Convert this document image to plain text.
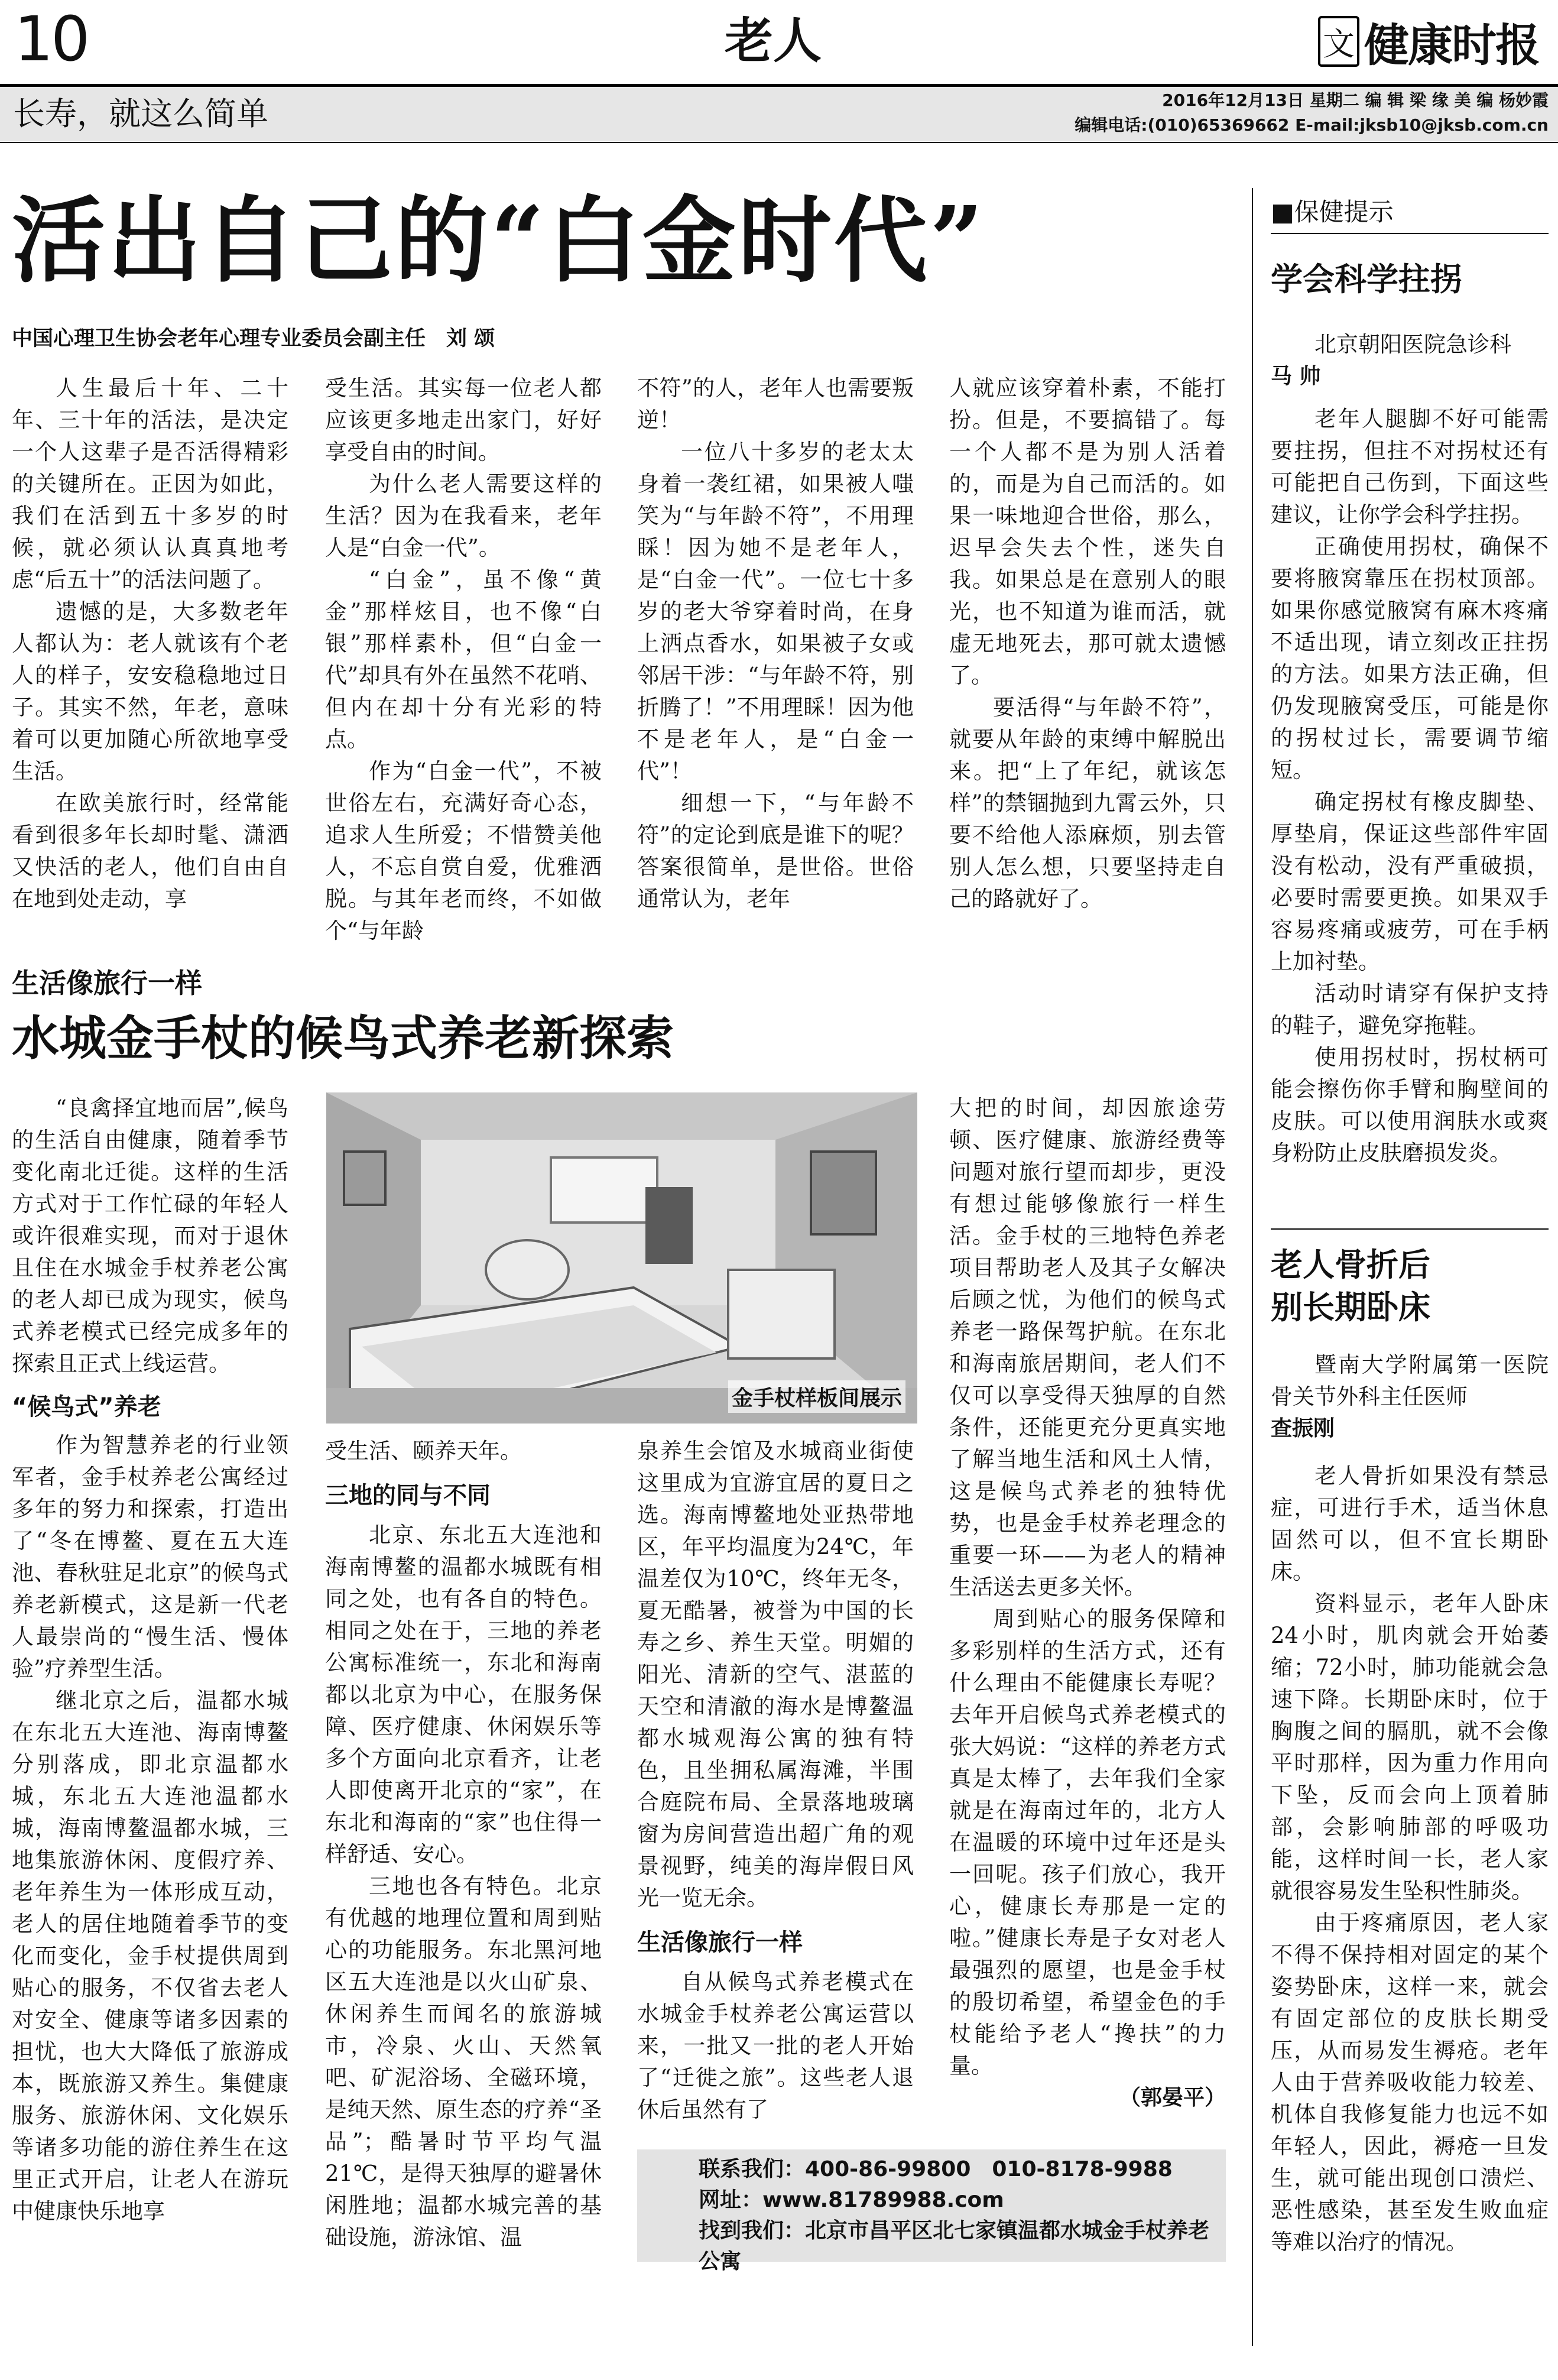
10	老人	文 健康时报
长寿，就这么简单	2016年12月13日 星期二 编 辑 梁 缘 美 编 杨妙霞
编辑电话:(010)65369662 E-mail:jksb10@jksb.com.cn
活出自己的“白金时代”
中国心理卫生协会老年心理专业委员会副主任　刘 颂

人生最后十年、二十年、三十年的活法，是决定一个人这辈子是否活得精彩的关键所在。正因为如此，我们在活到五十多岁的时候，就必须认认真真地考虑“后五十”的活法问题了。

遗憾的是，大多数老年人都认为：老人就该有个老人的样子，安安稳稳地过日子。其实不然，年老，意味着可以更加随心所欲地享受生活。

在欧美旅行时，经常能看到很多年长却时髦、潇洒又快活的老人，他们自由自在地到处走动，享

受生活。其实每一位老人都应该更多地走出家门，好好享受自由的时间。

为什么老人需要这样的生活？因为在我看来，老年人是“白金一代”。

“白金”，虽不像“黄金”那样炫目，也不像“白银”那样素朴，但“白金一代”却具有外在虽然不花哨、但内在却十分有光彩的特点。

作为“白金一代”，不被世俗左右，充满好奇心态，追求人生所爱；不惜赞美他人，不忘自赏自爱，优雅洒脱。与其年老而终，不如做个“与年龄

不符”的人，老年人也需要叛逆！

一位八十多岁的老太太身着一袭红裙，如果被人嗤笑为“与年龄不符”，不用理睬！因为她不是老年人，是“白金一代”。一位七十多岁的老大爷穿着时尚，在身上洒点香水，如果被子女或邻居干涉：“与年龄不符，别折腾了！”不用理睬！因为他不是老年人，是“白金一代”！

细想一下，“与年龄不符”的定论到底是谁下的呢？答案很简单，是世俗。世俗通常认为，老年

人就应该穿着朴素，不能打扮。但是，不要搞错了。每一个人都不是为别人活着的，而是为自己而活的。如果一味地迎合世俗，那么，迟早会失去个性，迷失自我。如果总是在意别人的眼光，也不知道为谁而活，就虚无地死去，那可就太遗憾了。

要活得“与年龄不符”，就要从年龄的束缚中解脱出来。把“上了年纪，就该怎样”的禁锢抛到九霄云外，只要不给他人添麻烦，别去管别人怎么想，只要坚持走自己的路就好了。

生活像旅行一样
水城金手杖的候鸟式养老新探索
金手杖样板间展示

“良禽择宜地而居”,候鸟的生活自由健康，随着季节变化南北迁徙。这样的生活方式对于工作忙碌的年轻人或许很难实现，而对于退休且住在水城金手杖养老公寓的老人却已成为现实，候鸟式养老模式已经完成多年的探索且正式上线运营。

“候鸟式”养老

作为智慧养老的行业领军者，金手杖养老公寓经过多年的努力和探索，打造出了“冬在博鳌、夏在五大连池、春秋驻足北京”的候鸟式养老新模式，这是新一代老人最崇尚的“慢生活、慢体验”疗养型生活。

继北京之后，温都水城在东北五大连池、海南博鳌分别落成，即北京温都水城，东北五大连池温都水城，海南博鳌温都水城，三地集旅游休闲、度假疗养、老年养生为一体形成互动，老人的居住地随着季节的变化而变化，金手杖提供周到贴心的服务，不仅省去老人对安全、健康等诸多因素的担忧，也大大降低了旅游成本，既旅游又养生。集健康服务、旅游休闲、文化娱乐等诸多功能的游住养生在这里正式开启，让老人在游玩中健康快乐地享

受生活、颐养天年。

三地的同与不同

北京、东北五大连池和海南博鳌的温都水城既有相同之处，也有各自的特色。相同之处在于，三地的养老公寓标准统一，东北和海南都以北京为中心，在服务保障、医疗健康、休闲娱乐等多个方面向北京看齐，让老人即使离开北京的“家”，在东北和海南的“家”也住得一样舒适、安心。

三地也各有特色。北京有优越的地理位置和周到贴心的功能服务。东北黑河地区五大连池是以火山矿泉、休闲养生而闻名的旅游城市，冷泉、火山、天然氧吧、矿泥浴场、全磁环境，是纯天然、原生态的疗养“圣品”；酷暑时节平均气温21℃，是得天独厚的避暑休闲胜地；温都水城完善的基础设施，游泳馆、温

泉养生会馆及水城商业街使这里成为宜游宜居的夏日之选。海南博鳌地处亚热带地区，年平均温度为24℃，年温差仅为10℃，终年无冬，夏无酷暑，被誉为中国的长寿之乡、养生天堂。明媚的阳光、清新的空气、湛蓝的天空和清澈的海水是博鳌温都水城观海公寓的独有特色，且坐拥私属海滩，半围合庭院布局、全景落地玻璃窗为房间营造出超广角的观景视野，纯美的海岸假日风光一览无余。

生活像旅行一样

自从候鸟式养老模式在水城金手杖养老公寓运营以来，一批又一批的老人开始了“迁徙之旅”。这些老人退休后虽然有了

大把的时间，却因旅途劳顿、医疗健康、旅游经费等问题对旅行望而却步，更没有想过能够像旅行一样生活。金手杖的三地特色养老项目帮助老人及其子女解决后顾之忧，为他们的候鸟式养老一路保驾护航。在东北和海南旅居期间，老人们不仅可以享受得天独厚的自然条件，还能更充分更真实地了解当地生活和风土人情，这是候鸟式养老的独特优势，也是金手杖养老理念的重要一环——为老人的精神生活送去更多关怀。

周到贴心的服务保障和多彩别样的生活方式，还有什么理由不能健康长寿呢？去年开启候鸟式养老模式的张大妈说：“这样的养老方式真是太棒了，去年我们全家就是在海南过年的，北方人在温暖的环境中过年还是头一回呢。孩子们放心，我开心，健康长寿那是一定的啦。”健康长寿是子女对老人最强烈的愿望，也是金手杖的殷切希望，希望金色的手杖能给予老人“搀扶”的力量。

（郭晏平）
联系我们：400-86-99800　010-8178-9988
网址：www.81789988.com
找到我们：北京市昌平区北七家镇温都水城金手杖养老公寓
■保健提示
学会科学拄拐

北京朝阳医院急诊科

马 帅

老年人腿脚不好可能需要拄拐，但拄不对拐杖还有可能把自己伤到，下面这些建议，让你学会科学拄拐。

正确使用拐杖，确保不要将腋窝靠压在拐杖顶部。如果你感觉腋窝有麻木疼痛不适出现，请立刻改正拄拐的方法。如果方法正确，但仍发现腋窝受压，可能是你的拐杖过长，需要调节缩短。

确定拐杖有橡皮脚垫、厚垫肩，保证这些部件牢固没有松动，没有严重破损，必要时需要更换。如果双手容易疼痛或疲劳，可在手柄上加衬垫。

活动时请穿有保护支持的鞋子，避免穿拖鞋。

使用拐杖时，拐杖柄可能会擦伤你手臂和胸壁间的皮肤。可以使用润肤水或爽身粉防止皮肤磨损发炎。

老人骨折后
别长期卧床

暨南大学附属第一医院骨关节外科主任医师

查振刚

老人骨折如果没有禁忌症，可进行手术，适当休息固然可以，但不宜长期卧床。

资料显示，老年人卧床24小时，肌肉就会开始萎缩；72小时，肺功能就会急速下降。长期卧床时，位于胸腹之间的膈肌，就不会像平时那样，因为重力作用向下坠，反而会向上顶着肺部，会影响肺部的呼吸功能，这样时间一长，老人家就很容易发生坠积性肺炎。

由于疼痛原因，老人家不得不保持相对固定的某个姿势卧床，这样一来，就会有固定部位的皮肤长期受压，从而易发生褥疮。老年人由于营养吸收能力较差、机体自我修复能力也远不如年轻人，因此，褥疮一旦发生，就可能出现创口溃烂、恶性感染，甚至发生败血症等难以治疗的情况。
